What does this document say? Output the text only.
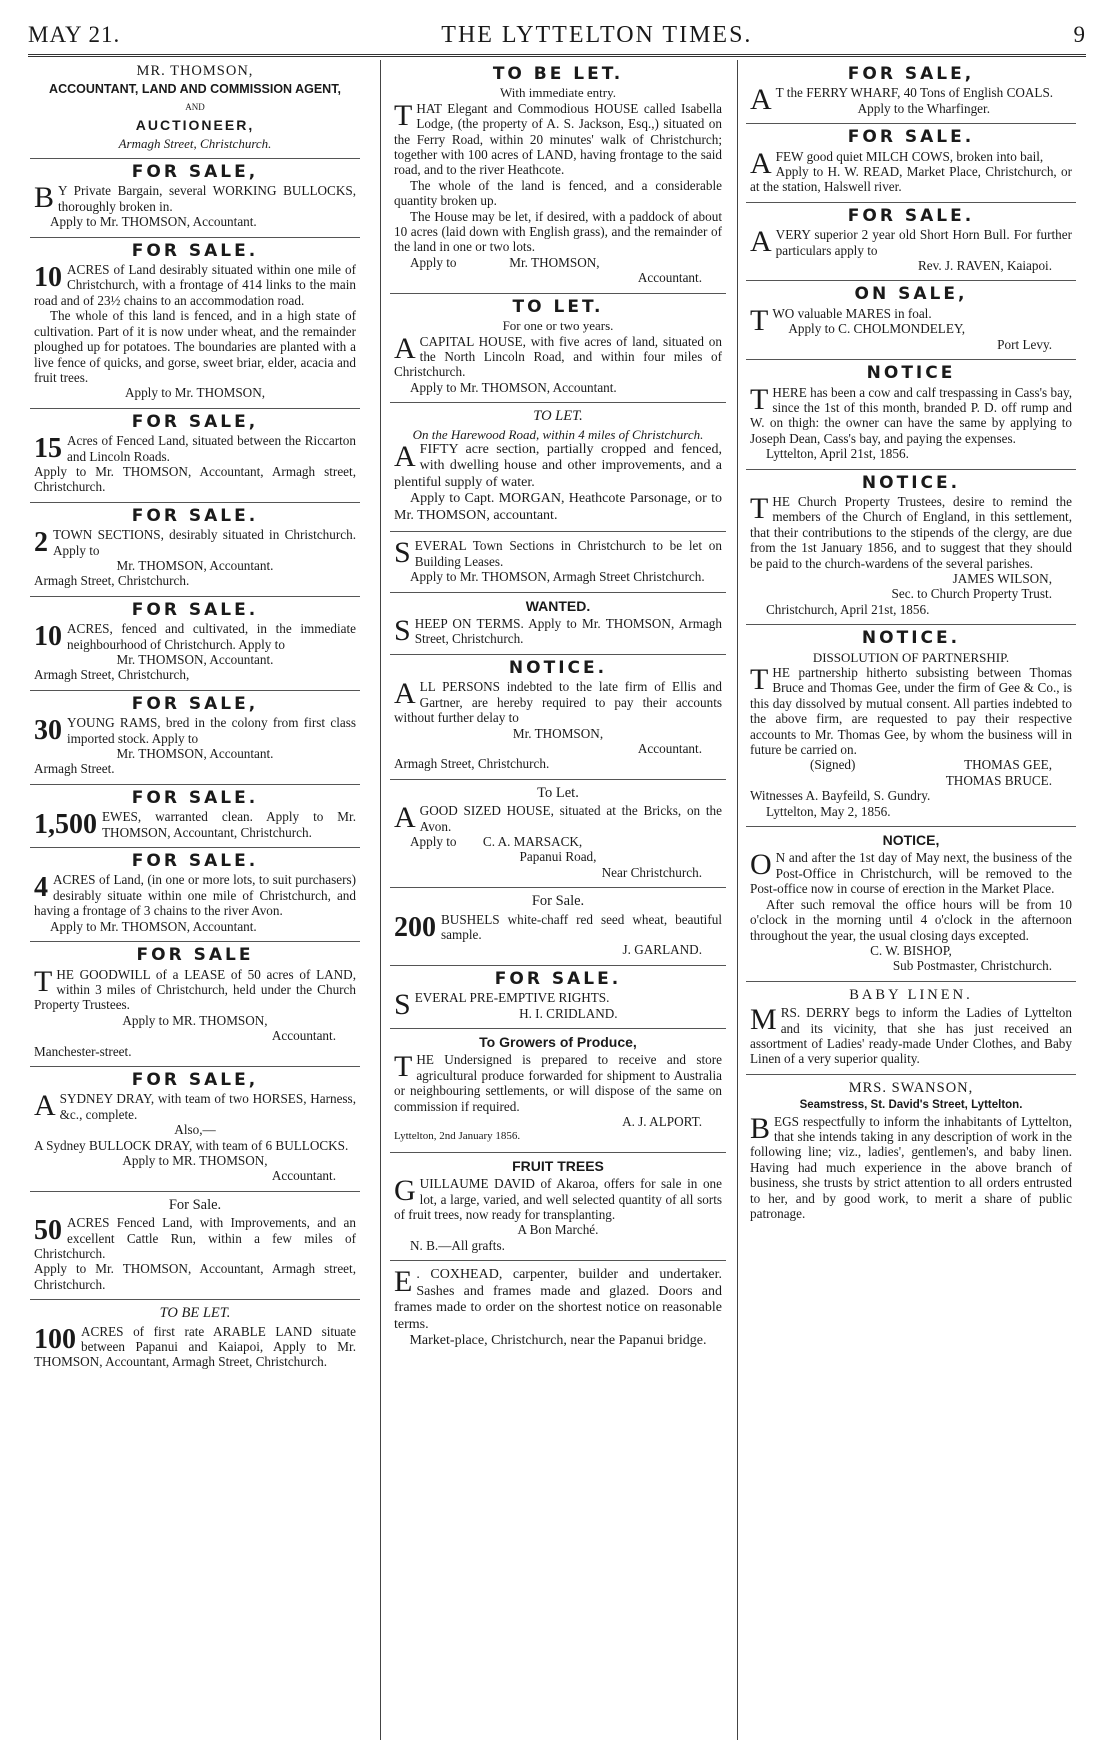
MAY 21.	THE LYTTELTON TIMES.	9
MR. THOMSON,
ACCOUNTANT, LAND AND COMMISSION AGENT,
AND
AUCTIONEER,
Armagh Street, Christchurch.
FOR SALE,
B Y Private Bargain, several WORKING BULLOCKS, thoroughly broken in.

Apply to Mr. THOMSON, Accountant.

FOR SALE.
10 ACRES of Land desirably situated within one mile of Christchurch, with a frontage of 414 links to the main road and of 23½ chains to an accommodation road.

The whole of this land is fenced, and in a high state of cultivation. Part of it is now under wheat, and the remainder ploughed up for potatoes. The boundaries are planted with a live fence of quicks, and gorse, sweet briar, elder, acacia and fruit trees.

Apply to Mr. THOMSON,

FOR SALE,
15 Acres of Fenced Land, situated between the Riccarton and Lincoln Roads.

Apply to Mr. THOMSON, Accountant, Armagh street, Christchurch.

FOR SALE.
2 TOWN SECTIONS, desirably situated in Christchurch. Apply to

Mr. THOMSON, Accountant.

Armagh Street, Christchurch.

FOR SALE.
10 ACRES, fenced and cultivated, in the immediate neighbourhood of Christchurch. Apply to

Mr. THOMSON, Accountant.

Armagh Street, Christchurch,

FOR SALE,
30 YOUNG RAMS, bred in the colony from first class imported stock. Apply to

Mr. THOMSON, Accountant.

Armagh Street.

FOR SALE.
1,500 EWES, warranted clean. Apply to Mr. THOMSON, Accountant, Christchurch.

FOR SALE.
4 ACRES of Land, (in one or more lots, to suit purchasers) desirably situate within one mile of Christchurch, and having a frontage of 3 chains to the river Avon.

Apply to Mr. THOMSON, Accountant.

FOR SALE
T HE GOODWILL of a LEASE of 50 acres of LAND, within 3 miles of Christchurch, held under the Church Property Trustees.

Apply to MR. THOMSON,

Accountant.

Manchester-street.

FOR SALE,
A SYDNEY DRAY, with team of two HORSES, Harness, &c., complete.

Also,—

A Sydney BULLOCK DRAY, with team of 6 BULLOCKS.

Apply to MR. THOMSON,

Accountant.

For Sale.
50 ACRES Fenced Land, with Improvements, and an excellent Cattle Run, within a few miles of Christchurch.

Apply to Mr. THOMSON, Accountant, Armagh street, Christchurch.

TO BE LET.
100 ACRES of first rate ARABLE LAND situate between Papanui and Kaiapoi, Apply to Mr. THOMSON, Accountant, Armagh Street, Christchurch.

TO BE LET.

With immediate entry.

T HAT Elegant and Commodious HOUSE called Isabella Lodge, (the property of A. S. Jackson, Esq.,) situated on the Ferry Road, within 20 minutes' walk of Christchurch; together with 100 acres of LAND, having frontage to the said road, and to the river Heathcote.

The whole of the land is fenced, and a considerable quantity broken up.

The House may be let, if desired, with a paddock of about 10 acres (laid down with English grass), and the remainder of the land in one or two lots.

Apply to	Mr. THOMSON,

Accountant.

TO LET.

For one or two years.

A CAPITAL HOUSE, with five acres of land, situated on the North Lincoln Road, and within four miles of Christchurch.

Apply to Mr. THOMSON, Accountant.

TO LET.

On the Harewood Road, within 4 miles of Christchurch.

A FIFTY acre section, partially cropped and fenced, with dwelling house and other improvements, and a plentiful supply of water.

Apply to Capt. MORGAN, Heathcote Parsonage, or to Mr. THOMSON, accountant.

S EVERAL Town Sections in Christchurch to be let on Building Leases.

Apply to Mr. THOMSON, Armagh Street Christchurch.

WANTED.
S HEEP ON TERMS. Apply to Mr. THOMSON, Armagh Street, Christchurch.

NOTICE.
A LL PERSONS indebted to the late firm of Ellis and Gartner, are hereby required to pay their accounts without further delay to

Mr. THOMSON,

Accountant.

Armagh Street, Christchurch.

To Let.
A GOOD SIZED HOUSE, situated at the Bricks, on the Avon.

Apply to C. A. MARSACK,

Papanui Road,

Near Christchurch.

For Sale.
200 BUSHELS white-chaff red seed wheat, beautiful sample.

J. GARLAND.

FOR SALE.
S EVERAL PRE-EMPTIVE RIGHTS.

H. I. CRIDLAND.

To Growers of Produce,
T HE Undersigned is prepared to receive and store agricultural produce forwarded for shipment to Australia or neighbouring settlements, or will dispose of the same on commission if required.

A. J. ALPORT.

Lyttelton, 2nd January 1856.

FRUIT TREES
G UILLAUME DAVID of Akaroa, offers for sale in one lot, a large, varied, and well selected quantity of all sorts of fruit trees, now ready for transplanting.

A Bon Marché.

N. B.—All grafts.

E . COXHEAD, carpenter, builder and undertaker. Sashes and frames made and glazed. Doors and frames made to order on the shortest notice on reasonable terms.

Market-place, Christchurch, near the Papanui bridge.

FOR SALE,
A T the FERRY WHARF, 40 Tons of English COALS.

Apply to the Wharfinger.

FOR SALE.
A FEW good quiet MILCH COWS, broken into bail,

Apply to H. W. READ, Market Place, Christchurch, or at the station, Halswell river.

FOR SALE.
A VERY superior 2 year old Short Horn Bull. For further particulars apply to

Rev. J. RAVEN, Kaiapoi.

ON SALE,
T WO valuable MARES in foal.

Apply to C. CHOLMONDELEY,

Port Levy.

NOTICE
T HERE has been a cow and calf trespassing in Cass's bay, since the 1st of this month, branded P. D. off rump and W. on thigh: the owner can have the same by applying to Joseph Dean, Cass's bay, and paying the expenses.

Lyttelton, April 21st, 1856.

NOTICE.
T HE Church Property Trustees, desire to remind the members of the Church of England, in this settlement, that their contributions to the stipends of the clergy, are due from the 1st January 1856, and to suggest that they should be paid to the church-wardens of the several parishes.

JAMES WILSON,

Sec. to Church Property Trust.

Christchurch, April 21st, 1856.

NOTICE.

DISSOLUTION OF PARTNERSHIP.

T HE partnership hitherto subsisting between Thomas Bruce and Thomas Gee, under the firm of Gee & Co., is this day dissolved by mutual consent. All parties indebted to the above firm, are requested to pay their respective accounts to Mr. Thomas Gee, by whom the business will in future be carried on.

(Signed)	THOMAS GEE,

THOMAS BRUCE.

Witnesses A. Bayfeild, S. Gundry.

Lyttelton, May 2, 1856.

NOTICE,
O N and after the 1st day of May next, the business of the Post-Office in Christchurch, will be removed to the Post-office now in course of erection in the Market Place.

After such removal the office hours will be from 10 o'clock in the morning until 4 o'clock in the afternoon throughout the year, the usual closing days excepted.

C. W. BISHOP,

Sub Postmaster, Christchurch.

BABY LINEN.
M RS. DERRY begs to inform the Ladies of Lyttelton and its vicinity, that she has just received an assortment of Ladies' ready-made Under Clothes, and Baby Linen of a very superior quality.

MRS. SWANSON,

Seamstress, St. David's Street, Lyttelton.

B EGS respectfully to inform the inhabitants of Lyttelton, that she intends taking in any description of work in the following line; viz., ladies', gentlemen's, and baby linen. Having had much experience in the above branch of business, she trusts by strict attention to all orders entrusted to her, and by good work, to merit a share of public patronage.
